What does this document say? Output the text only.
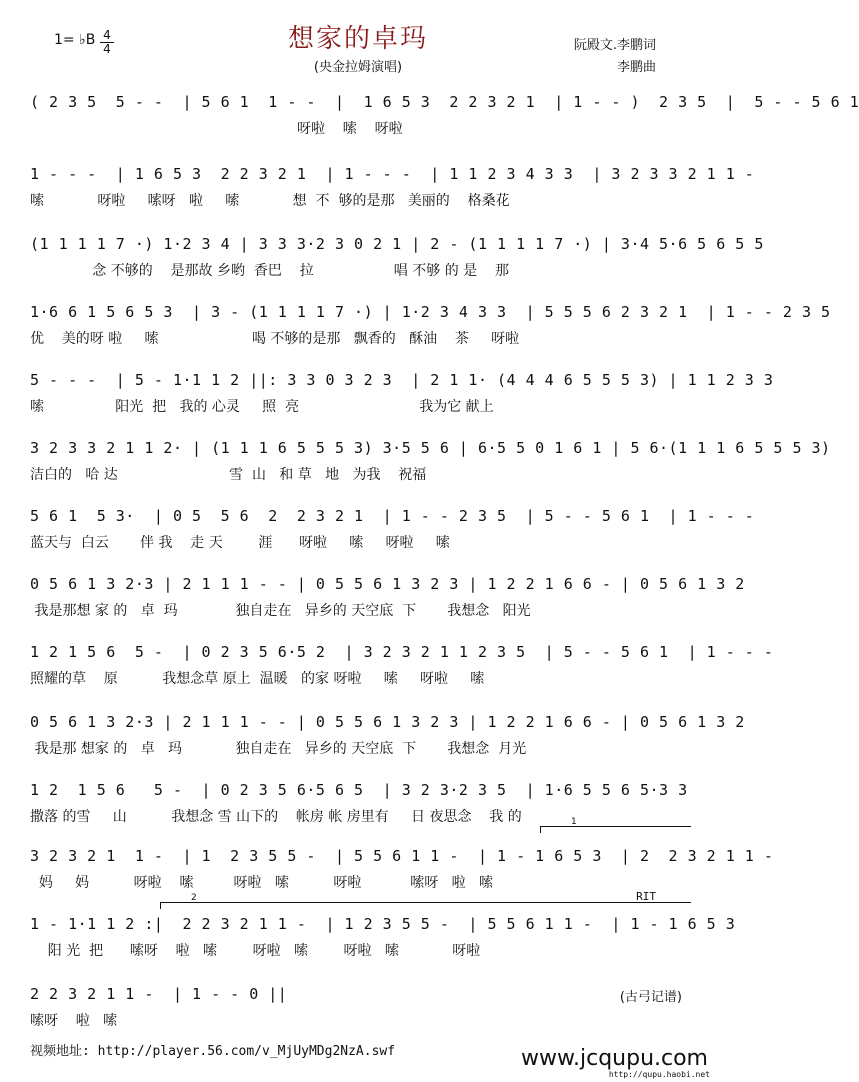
想家的卓玛
(央金拉姆演唱)
1= ♭B 4
4	阮殿文.李鹏词
李鹏曲
( 2 3 5  5 - -  | 5 6 1  1 - -  |  1 6 5 3  2 2 3 2 1  | 1 - - )  2 3 5  |  5 - - 5 6 1
呀啦    嗦    呀啦
1 - - -  | 1 6 5 3  2 2 3 2 1  | 1 - - -  | 1 1 2 3 4 3 3  | 3 2 3 3 2 1 1 -
嗦            呀啦     嗦呀   啦     嗦            想  不  够的是那   美丽的    格桑花
(1 1 1 1 7 ·) 1·2 3 4 | 3 3 3·2 3 0 2 1 | 2 - (1 1 1 1 7 ·) | 3·4 5·6 5 6 5 5
念 不够的    是那故 乡哟  香巴    拉                  唱 不够 的 是    那
1·6 6 1 5 6 5 3  | 3 - (1 1 1 1 7 ·) | 1·2 3 4 3 3  | 5 5 5 6 2 3 2 1  | 1 - - 2 3 5
优    美的呀 啦     嗦                     喝 不够的是那   飘香的   酥油    茶     呀啦
5 - - -  | 5 - 1·1 1 2 ||: 3 3 0 3 2 3  | 2 1 1· (4 4 4 6 5 5 5 3) | 1 1 2 3 3
嗦                阳光  把   我的 心灵     照  亮                           我为它 献上
3 2 3 3 2 1 1 2· | (1 1 1 6 5 5 5 3) 3·5 5 6 | 6·5 5 0 1 6 1 | 5 6·(1 1 1 6 5 5 5 3)
洁白的   哈 达                         雪  山   和 草   地   为我    祝福
5 6 1  5 3·  | 0 5  5 6  2  2 3 2 1  | 1 - - 2 3 5  | 5 - - 5 6 1  | 1 - - -
蓝天与  白云       伴 我    走 天        涯      呀啦     嗦     呀啦     嗦
0 5 6 1 3 2·3 | 2 1 1 1 - - | 0 5 5 6 1 3 2 3 | 1 2 2 1 6 6 - | 0 5 6 1 3 2
我是那想 家 的   卓  玛             独自走在   异乡的 天空底  下       我想念   阳光
1 2 1 5 6  5 -  | 0 2 3 5 6·5 2  | 3 2 3 2 1 1 2 3 5  | 5 - - 5 6 1  | 1 - - -
照耀的草    原          我想念草 原上  温暖   的家 呀啦     嗦     呀啦     嗦
0 5 6 1 3 2·3 | 2 1 1 1 - - | 0 5 5 6 1 3 2 3 | 1 2 2 1 6 6 - | 0 5 6 1 3 2
我是那 想家 的   卓   玛            独自走在   异乡的 天空底  下       我想念  月光
1 2  1 5 6   5 -  | 0 2 3 5 6·5 6 5  | 3 2 3·2 3 5  | 1·6 5 5 6 5·3 3
撒落 的雪     山          我想念 雪 山下的    帐房 帐 房里有     日 夜思念    我 的
3 2 3 2 1  1 -  | 1  2 3 5 5 -  | 5 5 6 1 1 -  | 1 - 1 6 5 3  | 2  2 3 2 1 1 -
妈     妈          呀啦    嗦         呀啦   嗦          呀啦           嗦呀   啦   嗦
1 - 1·1 1 2 :|  2 2 3 2 1 1 -  | 1 2 3 5 5 -  | 5 5 6 1 1 -  | 1 - 1 6 5 3
阳 光  把      嗦呀    啦   嗦        呀啦   嗦        呀啦   嗦            呀啦
2 2 3 2 1 1 -  | 1 - - 0 ||
嗦呀    啦   嗦
RIT
1
2
(古弓记谱)
视频地址: http://player.56.com/v_MjUyMDg2NzA.swf	www.jcqupu.com
http://qupu.haobi.net
